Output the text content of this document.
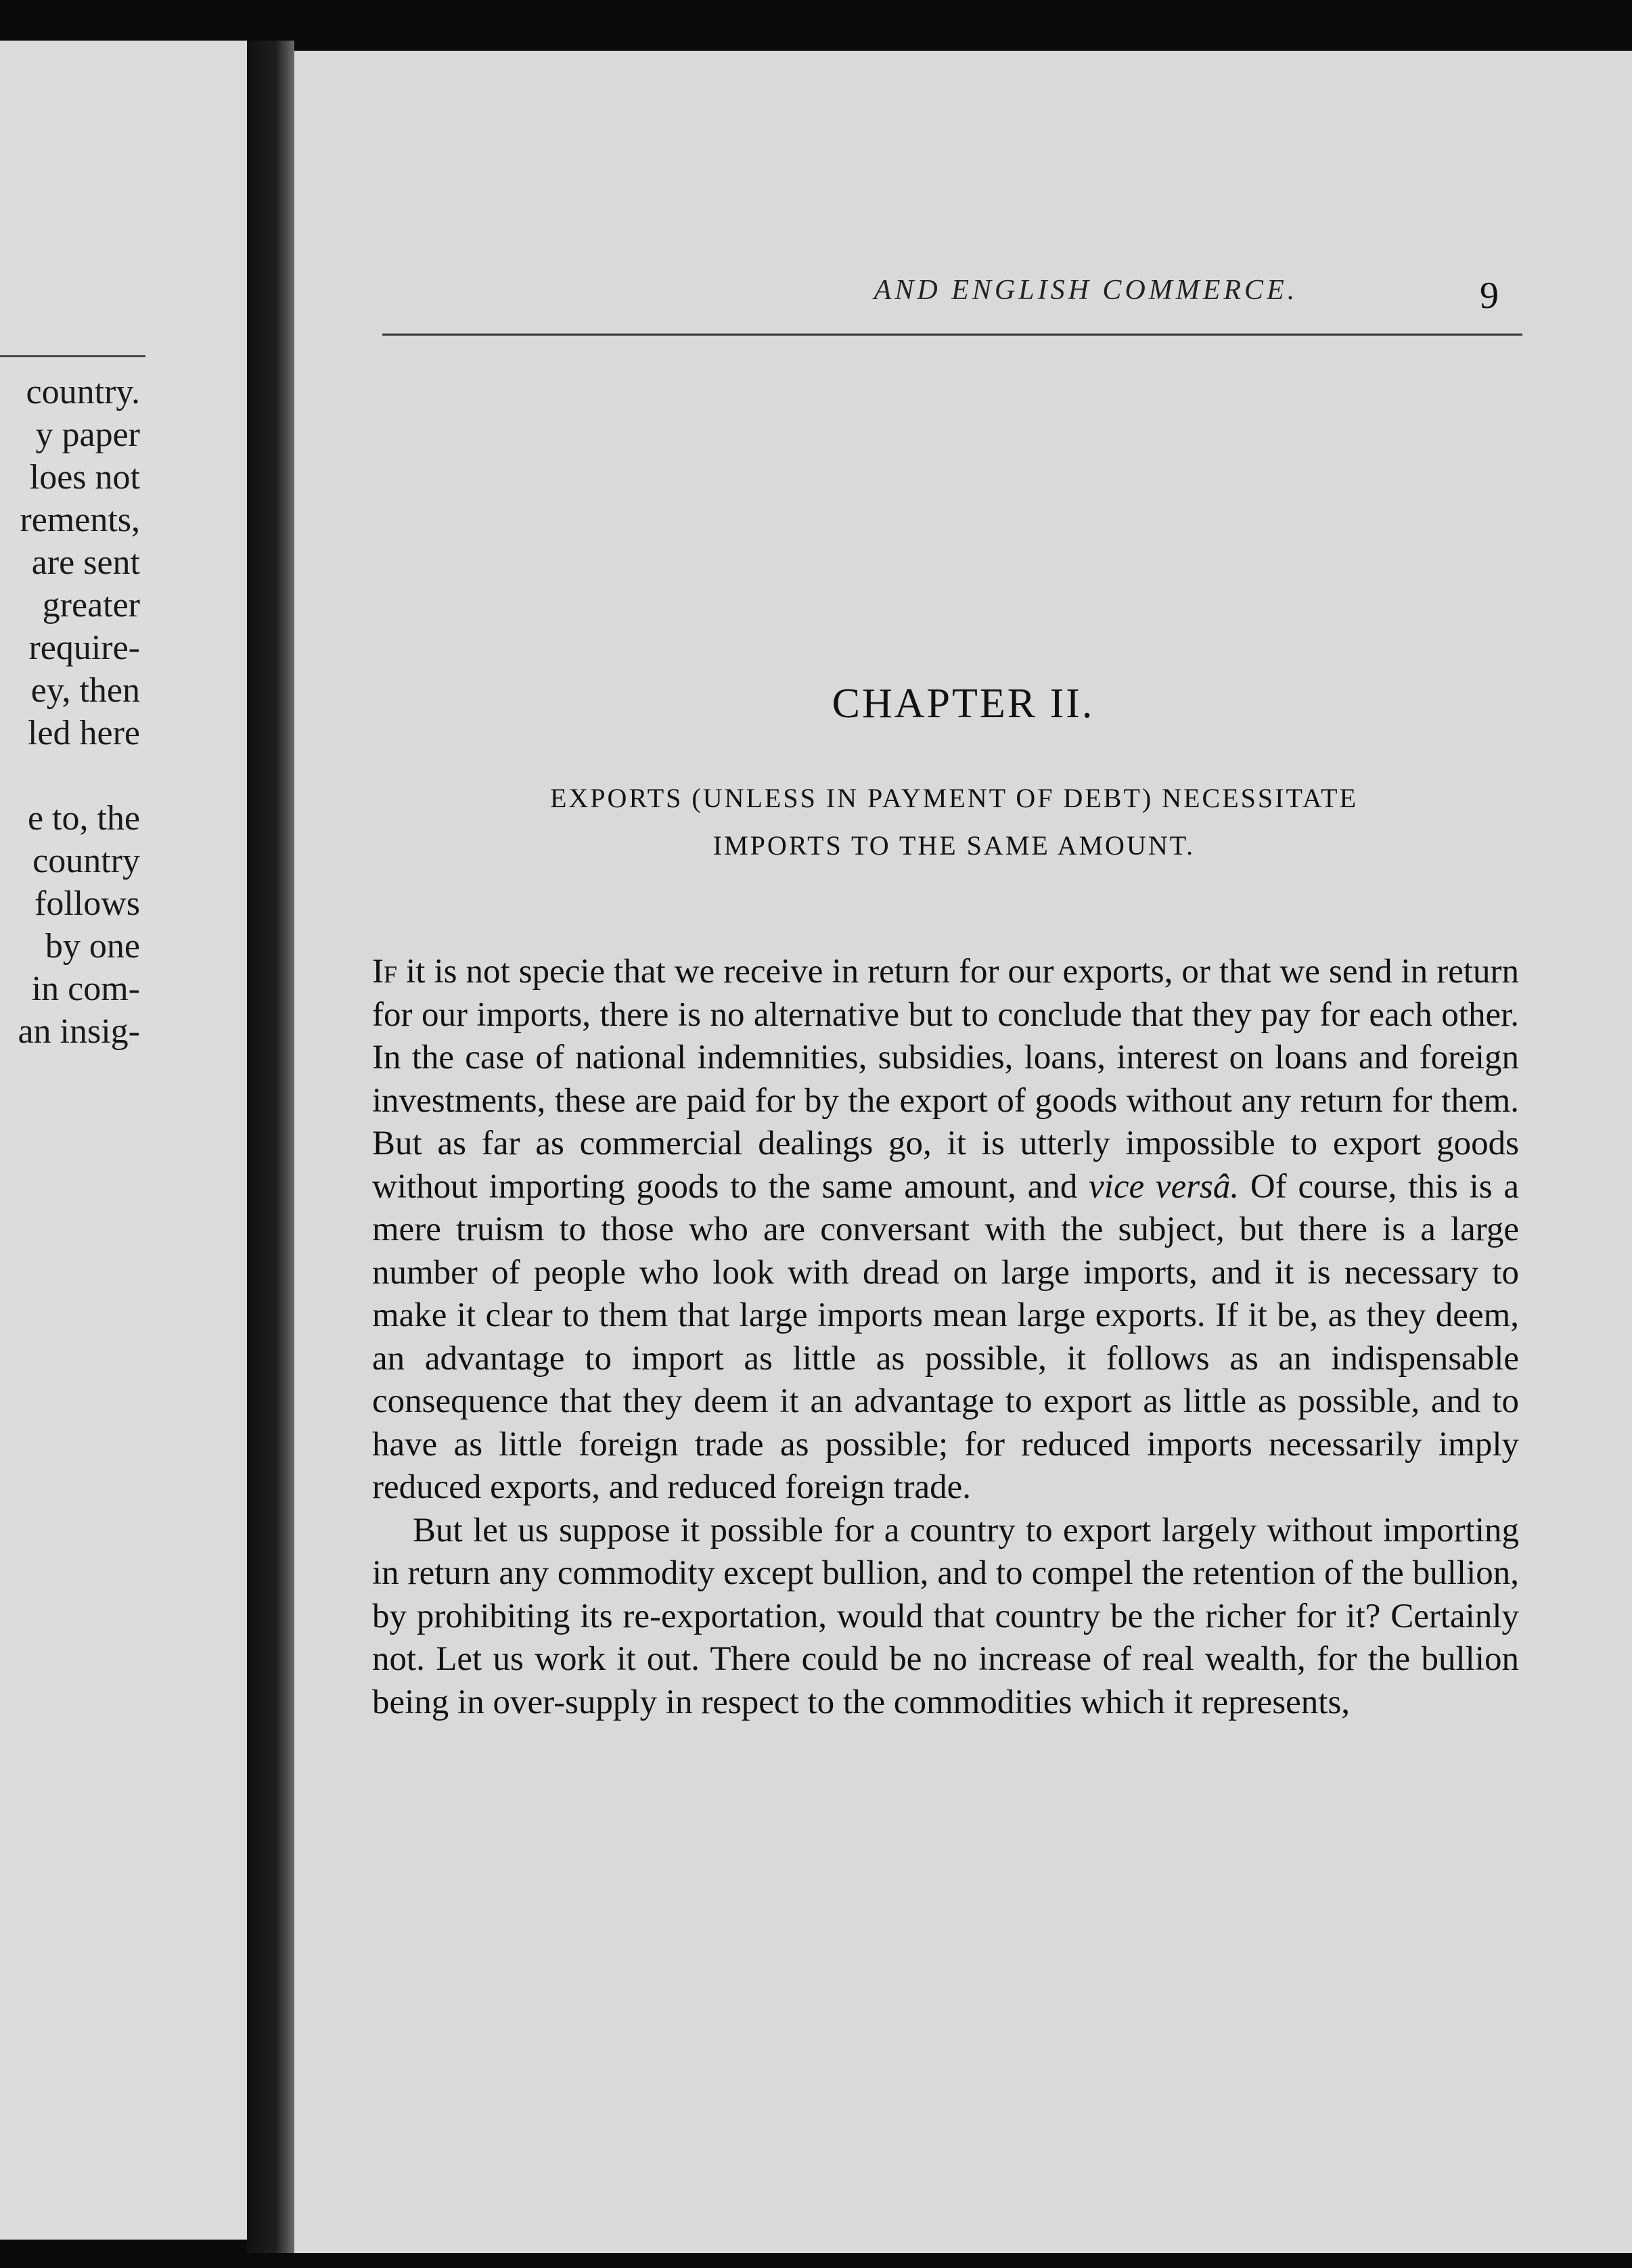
country.
y paper
loes not
rements,
are sent
greater
require-
ey, then
led here
e to, the
country
follows
by one
in com-
an insig-
AND ENGLISH COMMERCE.	9
CHAPTER II.
EXPORTS (UNLESS IN PAYMENT OF DEBT) NECESSITATE
IMPORTS TO THE SAME AMOUNT.

If it is not specie that we receive in return for our exports, or that we send in return for our imports, there is no alternative but to conclude that they pay for each other. In the case of national indemnities, subsidies, loans, interest on loans and foreign investments, these are paid for by the export of goods without any return for them. But as far as commercial dealings go, it is utterly impossible to export goods without importing goods to the same amount, and vice versâ. Of course, this is a mere truism to those who are conversant with the subject, but there is a large number of people who look with dread on large imports, and it is necessary to make it clear to them that large imports mean large exports. If it be, as they deem, an advantage to import as little as possible, it follows as an indispensable consequence that they deem it an advantage to export as little as possible, and to have as little foreign trade as possible; for reduced imports necessarily imply reduced exports, and reduced foreign trade.

But let us suppose it possible for a country to export largely without importing in return any commodity except bullion, and to compel the retention of the bullion, by prohibiting its re-exportation, would that country be the richer for it? Certainly not. Let us work it out. There could be no increase of real wealth, for the bullion being in over-supply in respect to the commodities which it represents,
